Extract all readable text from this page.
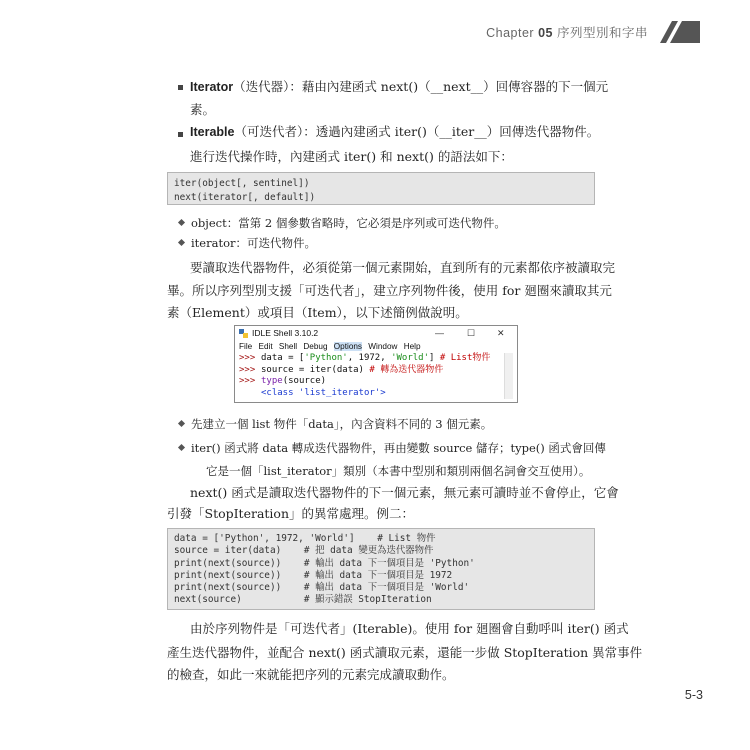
Chapter 05 序列型別和字串
Iterator（迭代器）：藉由內建函式 next()（__next__）回傳容器的下一個元
素。
Iterable（可迭代者）：透過內建函式 iter()（__iter__）回傳迭代器物件。
進行迭代操作時，內建函式 iter() 和 next() 的語法如下：
iter(object[, sentinel])
next(iterator[, default])
object：當第 2 個參數省略時，它必須是序列或可迭代物件。
iterator：可迭代物件。
要讀取迭代器物件，必須從第一個元素開始，直到所有的元素都依序被讀取完
畢。所以序列型別支援「可迭代者」，建立序列物件後，使用 for 廻圈來讀取其元
素（Element）或項目（Item），以下述簡例做說明。
IDLE Shell 3.10.2	—	☐ ✕
File Edit Shell Debug Options Window Help
>>>
>>>
>>>
data = ['Python', 1972, 'World'] # List物件
source = iter(data) # 轉為迭代器物件
type(source)
<class 'list_iterator'>
先建立一個 list 物件「data」，內含資料不同的 3 個元素。
iter() 函式將 data 轉成迭代器物件，再由變數 source 儲存；type() 函式會回傳
它是一個「list_iterator」類別（本書中型別和類別兩個名詞會交互使用）。
next() 函式是讀取迭代器物件的下一個元素，無元素可讀時並不會停止，它會
引發「StopIteration」的異常處理。例二：
data = ['Python', 1972, 'World']    # List 物件
source = iter(data)    # 把 data 變更為迭代器物件
print(next(source))    # 輸出 data 下一個項目是 'Python'
print(next(source))    # 輸出 data 下一個項目是 1972
print(next(source))    # 輸出 data 下一個項目是 'World'
next(source)           # 顯示錯誤 StopIteration
由於序列物件是「可迭代者」(Iterable)。使用 for 廻圈會自動呼叫 iter() 函式
產生迭代器物件，並配合 next() 函式讀取元素，還能一步做 StopIteration 異常事件
的檢查，如此一來就能把序列的元素完成讀取動作。
5-3
